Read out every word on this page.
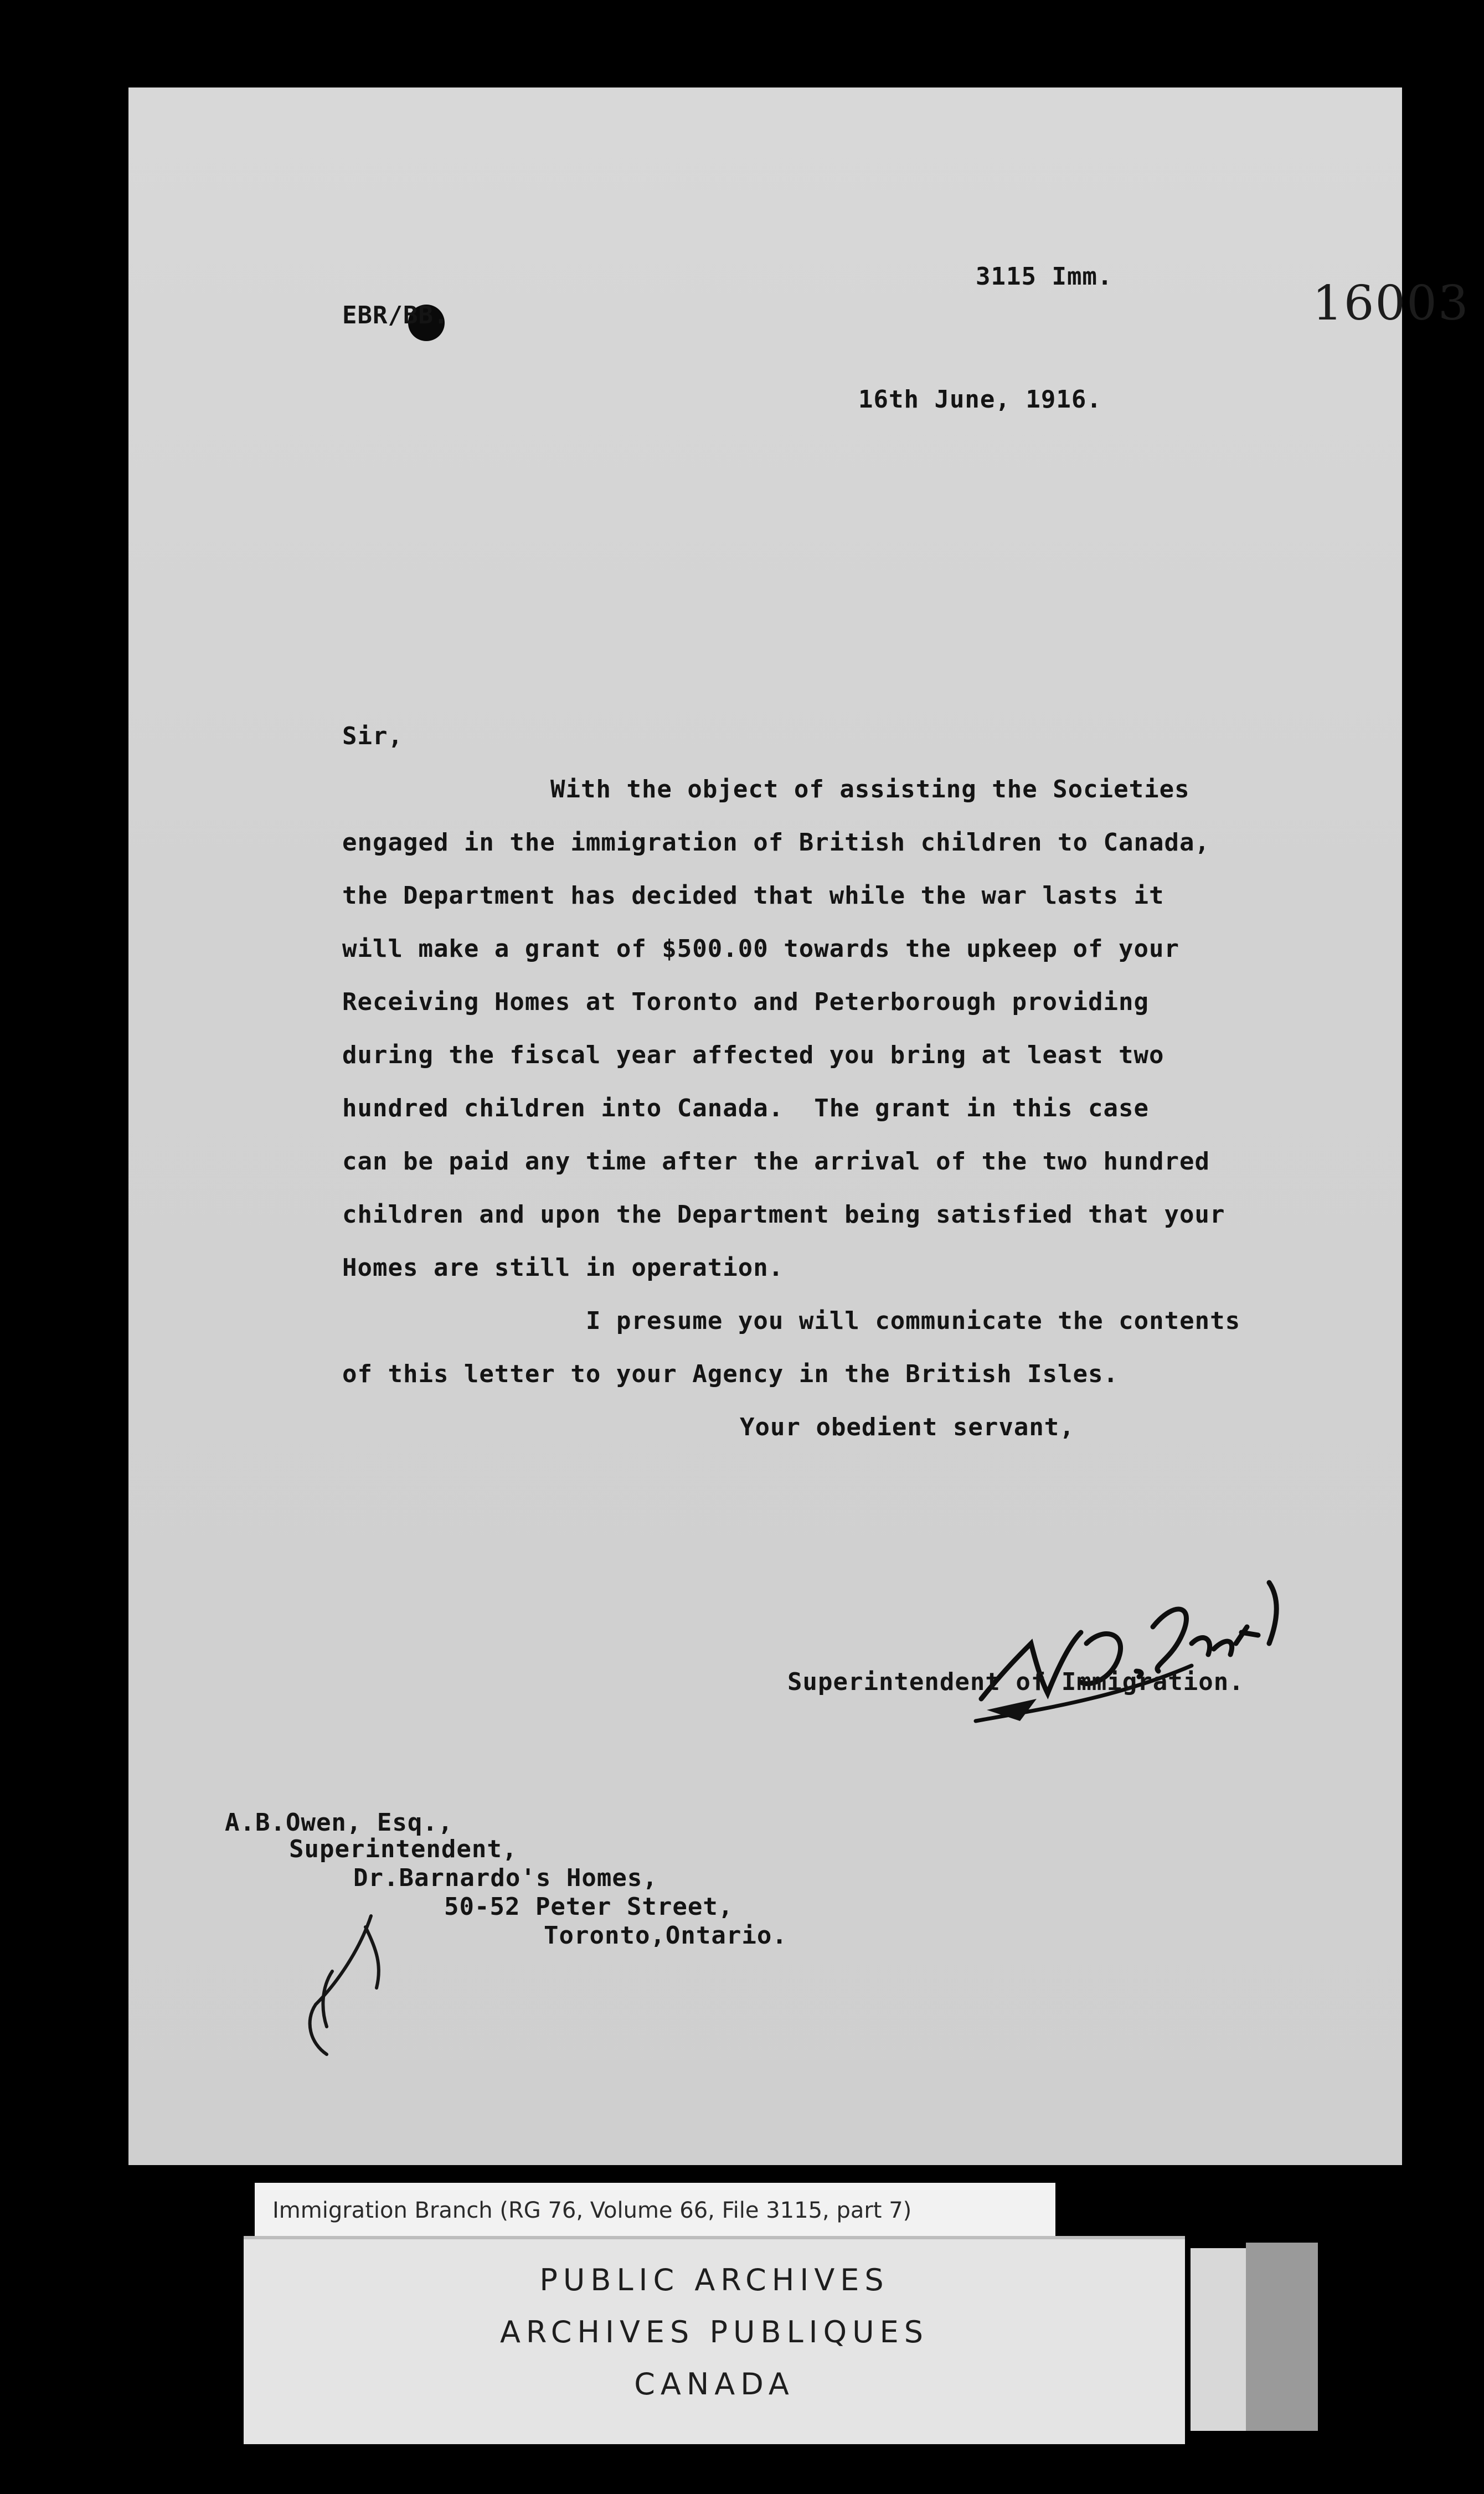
16003
3115 Imm.
EBR/BB.
16th June, 1916.
Sir,
With the object of assisting the Societies
engaged in the immigration of British children to Canada,
the Department has decided that while the war lasts it
will make a grant of $500.00 towards the upkeep of your
Receiving Homes at Toronto and Peterborough providing
during the fiscal year affected you bring at least two
hundred children into Canada.  The grant in this case
can be paid any time after the arrival of the two hundred
children and upon the Department being satisfied that your
Homes are still in operation.
I presume you will communicate the contents
of this letter to your Agency in the British Isles.
Your obedient servant,
Superintendent of Immigration.
A.B.Owen, Esq.,
Superintendent,
Dr.Barnardo's Homes,
50-52 Peter Street,
Toronto,Ontario.
Immigration Branch (RG 76, Volume 66, File 3115, part 7)
PUBLIC ARCHIVES
ARCHIVES PUBLIQUES
CANADA
